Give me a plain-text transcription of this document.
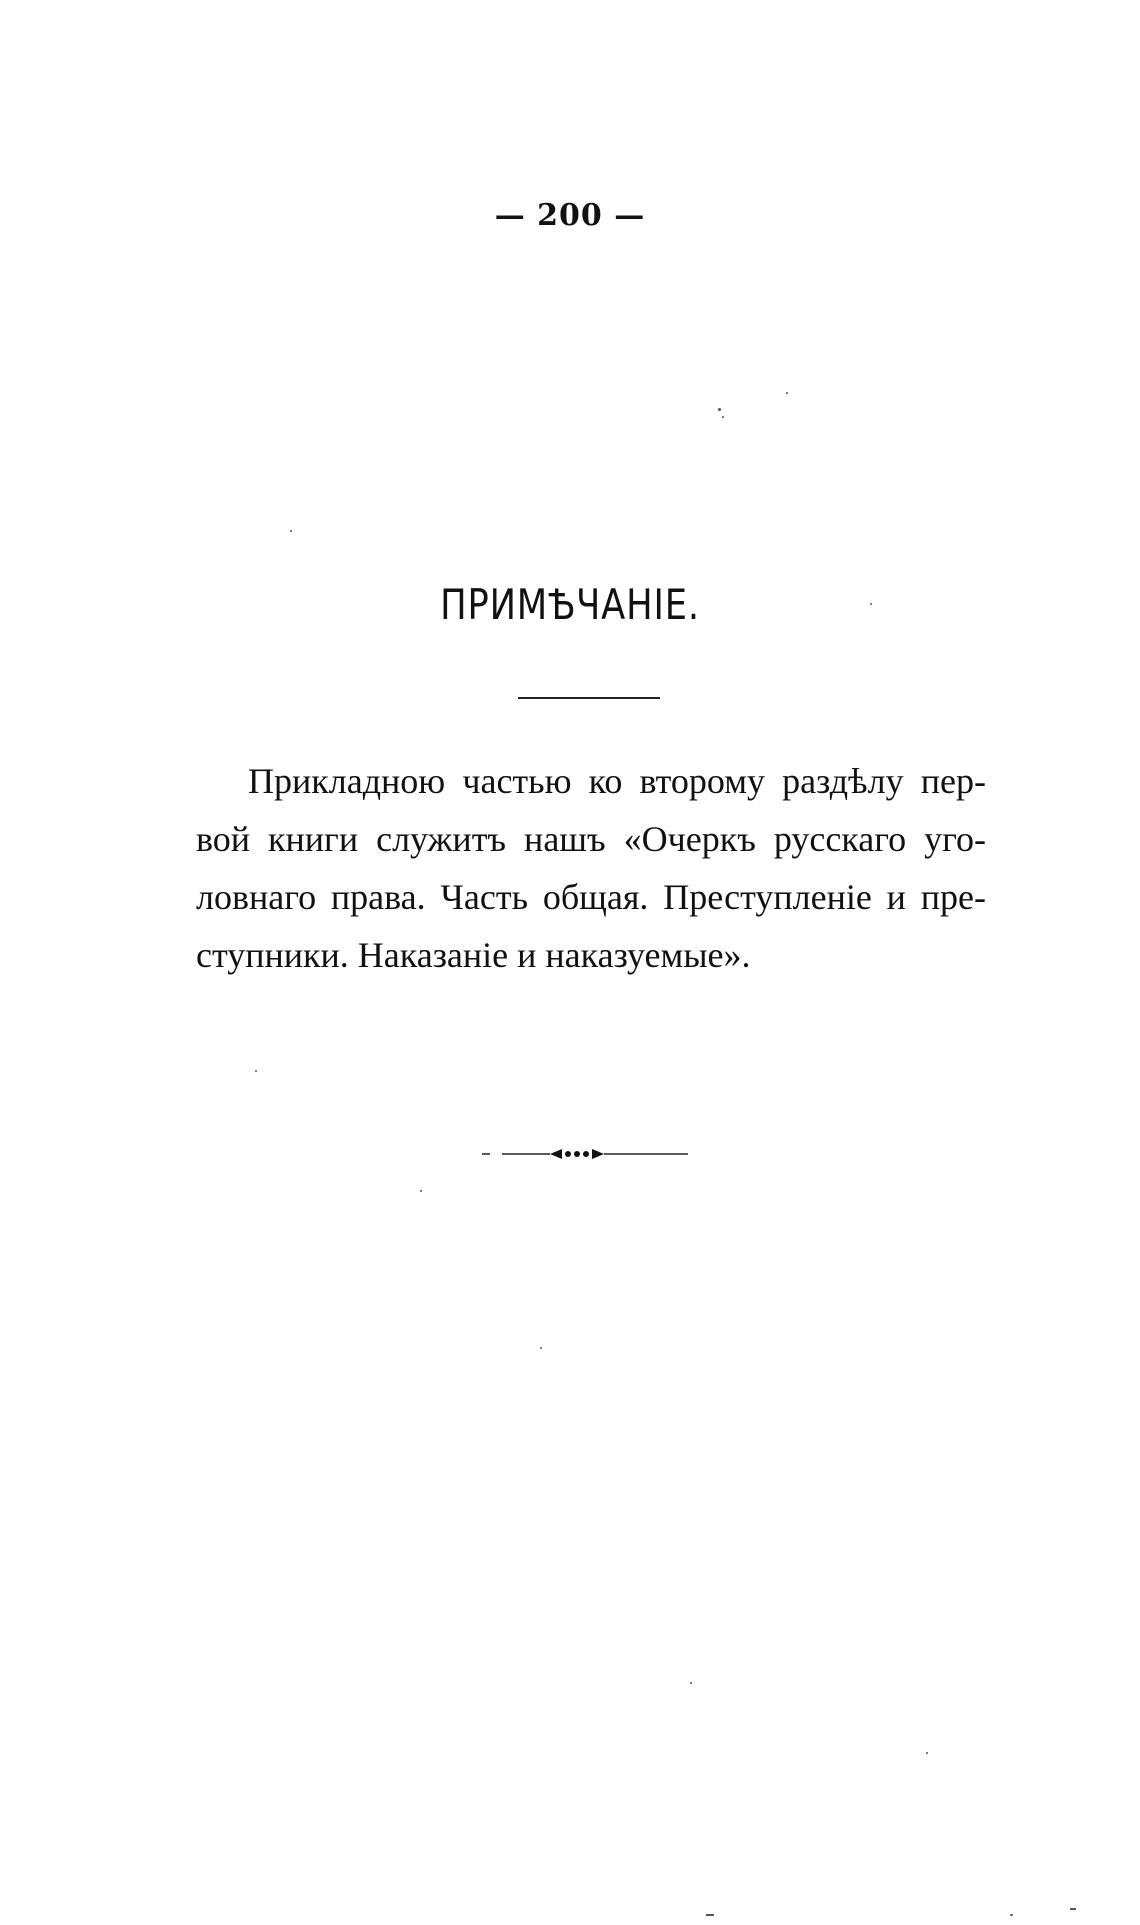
— 200 —
ПРИМѢЧАНІЕ.
Прикладною частью ко второму раздѣлу пер-
вой книги служитъ нашъ «Очеркъ русскаго уго-
ловнаго права. Часть общая. Преступленіе и пре-
ступники. Наказаніе и наказуемые».
